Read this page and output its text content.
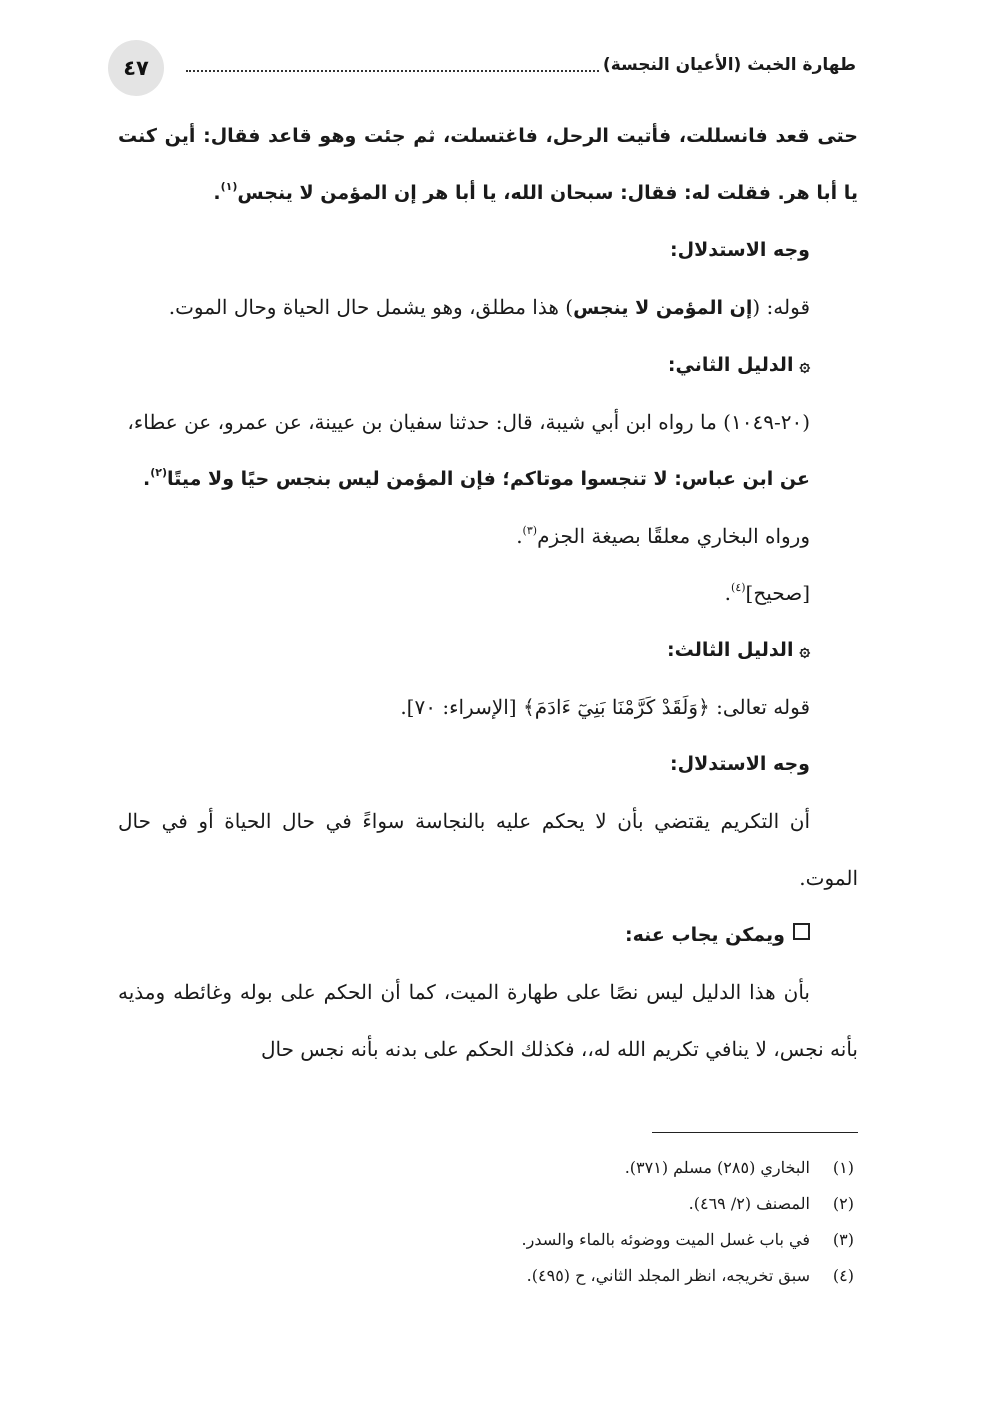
٤٧	طهارة الخبث (الأعيان النجسة)

حتى قعد فانسللت، فأتيت الرحل، فاغتسلت، ثم جئت وهو قاعد فقال: أين كنت يا أبا هر. فقلت له: فقال: سبحان الله، يا أبا هر إن المؤمن لا ينجس$^{(١)}$.

وجه الاستدلال:

قوله: (إن المؤمن لا ينجس) هذا مطلق، وهو يشمل حال الحياة وحال الموت.

۞الدليل الثاني:

(٢٠-١٠٤٩) ما رواه ابن أبي شيبة، قال: حدثنا سفيان بن عيينة، عن عمرو، عن عطاء،

عن ابن عباس: لا تنجسوا موتاكم؛ فإن المؤمن ليس بنجس حيًا ولا ميتًا$^{(٢)}$.

ورواه البخاري معلقًا بصيغة الجزم$^{(٣)}$.

[صحيح]$^{(٤)}$.

۞الدليل الثالث:

قوله تعالى: ﴿وَلَقَدْ كَرَّمْنَا بَنِيٓ ءَادَمَ﴾ [الإسراء: ٧٠].

وجه الاستدلال:

أن التكريم يقتضي بأن لا يحكم عليه بالنجاسة سواءً في حال الحياة أو في حال الموت.

ويمكن يجاب عنه:

بأن هذا الدليل ليس نصًا على طهارة الميت، كما أن الحكم على بوله وغائطه ومذيه بأنه نجس، لا ينافي تكريم الله له،، فكذلك الحكم على بدنه بأنه نجس حال

(١)
البخاري (٢٨٥) مسلم (٣٧١).

(٢)
المصنف (٢/ ٤٦٩).

(٣)
في باب غسل الميت ووضوئه بالماء والسدر.

(٤)
سبق تخريجه، انظر المجلد الثاني، ح (٤٩٥).
